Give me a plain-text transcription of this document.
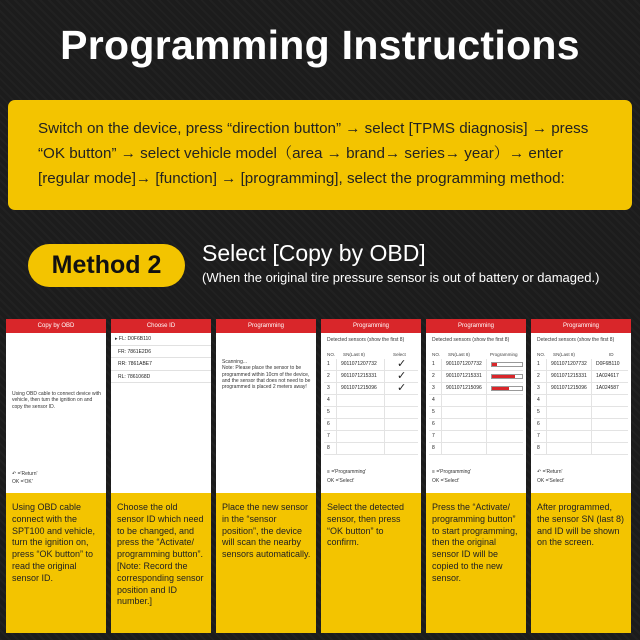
Programming Instructions

Switch on the device, press “direction button” → select [TPMS diagnosis] → press

“OK button” → select vehicle model（area → brand→ series→ year）→ enter

[regular mode]→ [function] → [programming], select the programming method:

Method 2	Select [Copy by OBD]
(When the original tire pressure sensor is out of battery or damaged.)
Copy by OBD
Using OBD cable to connect device with vehicle, then turn the ignition on and copy the sensor ID.
↶ ='Return'
OK ='OK'
Choose ID
▸ FL: D0F6B110
FR: 7861E2D6
RR: 7861ABE7
RL: 7861068D
Programming
Scanning...
Note: Please place the sensor to be programmed within 10cm of the device, and the sensor that does not need to be programmed is placed 2 meters away!
Programming
Detected sensors (show the first 8)
NO. SN(Last 8)	Select
1 9011071207732 ✓
2 9011071215331 ✓
3 9011071215096 ✓
4
5
6
7
8
≡ ='Programming'
OK ='Select'
Programming
Detected sensors (show the first 8)
NO. SN(Last 8)	Programming
1 9011071207732
2 9011071215331
3 9011071215096
4
5
6
7
8
≡ ='Programming'
OK ='Select'
Programming
Detected sensors (show the first 8)
NO. SN(Last 8)	ID
1 9011071207732 D0F6B110
2 9011071215331 1A024617
3 9011071215096 1A024587
4
5
6
7
8
↶ ='Return'
OK ='Select'
Using OBD cable connect with the SPT100 and vehicle, turn the ignition on, press “OK button” to read the original sensor ID.
Choose the old sensor ID which need to be changed, and press the “Activate/ programming button”. [Note: Record the corresponding sensor position and ID number.]
Place the new sensor in the “sensor position”, the device will scan the nearby sensors automatically.
Select the detected sensor, then press “OK button” to confirm.
Press the “Activate/ programming button” to start programming, then the original sensor ID will be copied to the new sensor.
After programmed, the sensor SN (last 8) and ID will be shown on the screen.
